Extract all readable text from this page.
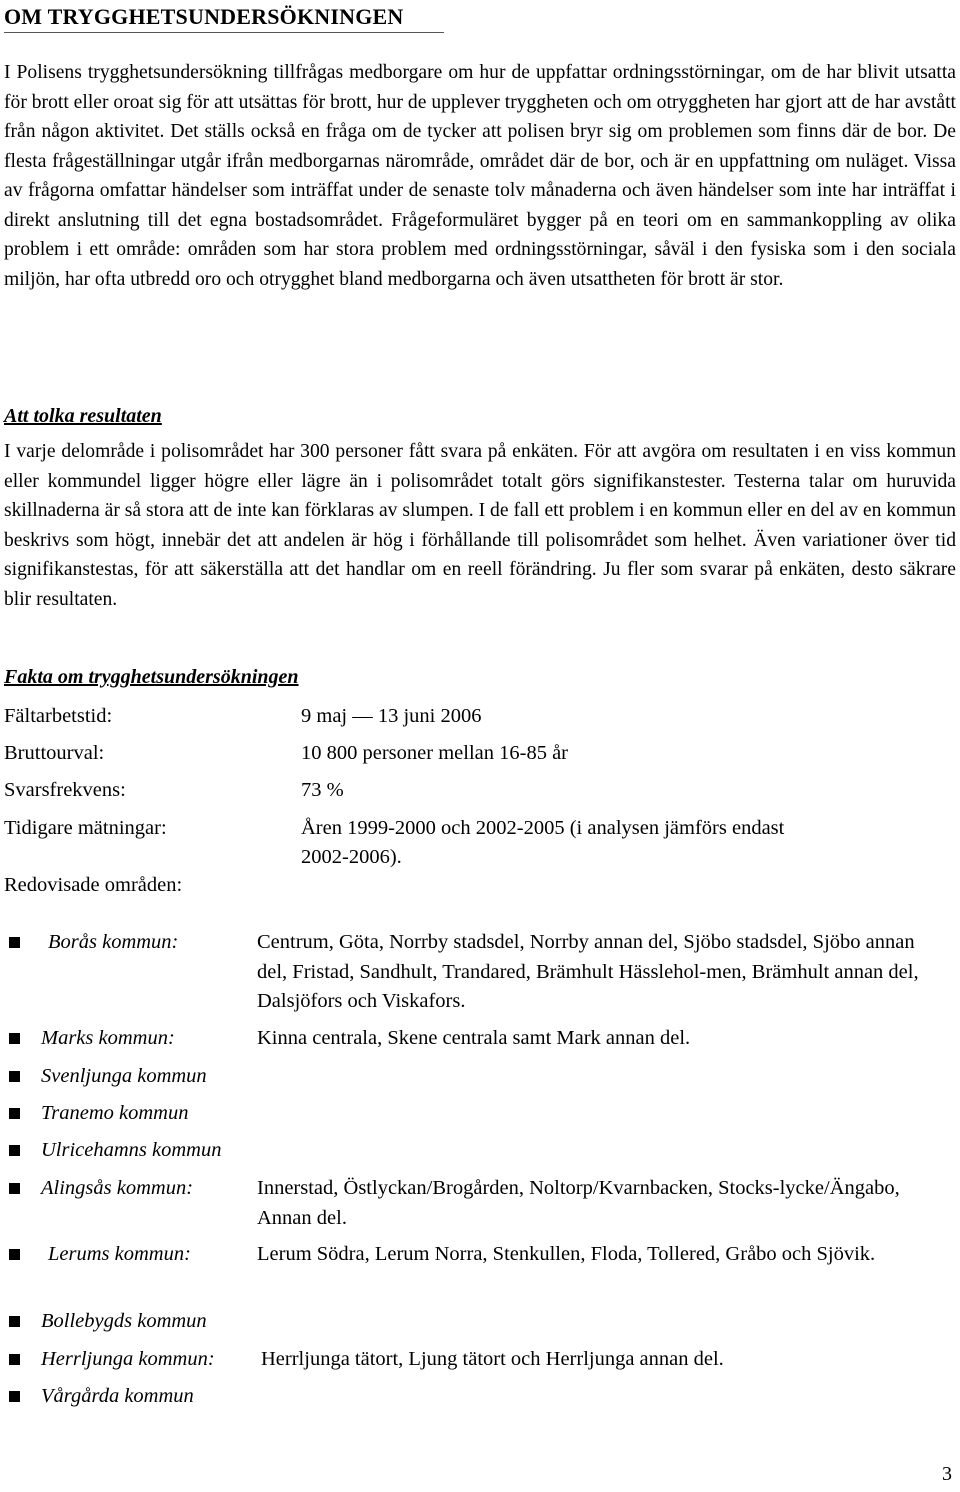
OM TRYGGHETSUNDERSÖKNINGEN

I Polisens trygghetsundersökning tillfrågas medborgare om hur de uppfattar ordningsstörningar, om de har blivit utsatta för brott eller oroat sig för att utsättas för brott, hur de upplever tryggheten och om otryggheten har gjort att de har avstått från någon aktivitet. Det ställs också en fråga om de tycker att polisen bryr sig om problemen som finns där de bor. De flesta frågeställningar utgår ifrån medborgarnas närområde, området där de bor, och är en uppfattning om nuläget. Vissa av frågorna omfattar händelser som inträffat under de senaste tolv månaderna och även händelser som inte har inträffat i direkt anslutning till det egna bostadsområdet. Frågeformuläret bygger på en teori om en sammankoppling av olika problem i ett område: områden som har stora problem med ordningsstörningar, såväl i den fysiska som i den sociala miljön, har ofta utbredd oro och otrygghet bland medborgarna och även utsattheten för brott är stor.

Att tolka resultaten

I varje delområde i polisområdet har 300 personer fått svara på enkäten. För att avgöra om resultaten i en viss kommun eller kommundel ligger högre eller lägre än i polisområdet totalt görs signifikanstester. Testerna talar om huruvida skillnaderna är så stora att de inte kan förklaras av slumpen. I de fall ett problem i en kommun eller en del av en kommun beskrivs som högt, innebär det att andelen är hög i förhållande till polisområdet som helhet. Även variationer över tid signifikanstestas, för att säkerställa att det handlar om en reell förändring. Ju fler som svarar på enkäten, desto säkrare blir resultaten.

Fakta om trygghetsundersökningen
Fältarbetstid:	9 maj — 13 juni 2006
Bruttourval:	10 800 personer mellan 16-85 år
Svarsfrekvens:	73 %
Tidigare mätningar:	Åren 1999-2000 och 2002-2005 (i analysen jämförs endast
2002-2006).
Redovisade områden:
Borås kommun:	Centrum, Göta, Norrby stadsdel, Norrby annan del, Sjöbo stadsdel, Sjöbo annan del, Fristad, Sandhult, Trandared, Brämhult Hässlehol-men, Brämhult annan del, Dalsjöfors och Viskafors.
Marks kommun:	Kinna centrala, Skene centrala samt Mark annan del.
Svenljunga kommun
Tranemo kommun
Ulricehamns kommun
Alingsås kommun:	Innerstad, Östlyckan/Brogården, Noltorp/Kvarnbacken, Stocks-lycke/Ängabo, Annan del.
Lerums kommun:	Lerum Södra, Lerum Norra, Stenkullen, Floda, Tollered, Gråbo och Sjövik.
Bollebygds kommun
Herrljunga kommun: Herrljunga tätort, Ljung tätort och Herrljunga annan del.
Vårgårda kommun
3
